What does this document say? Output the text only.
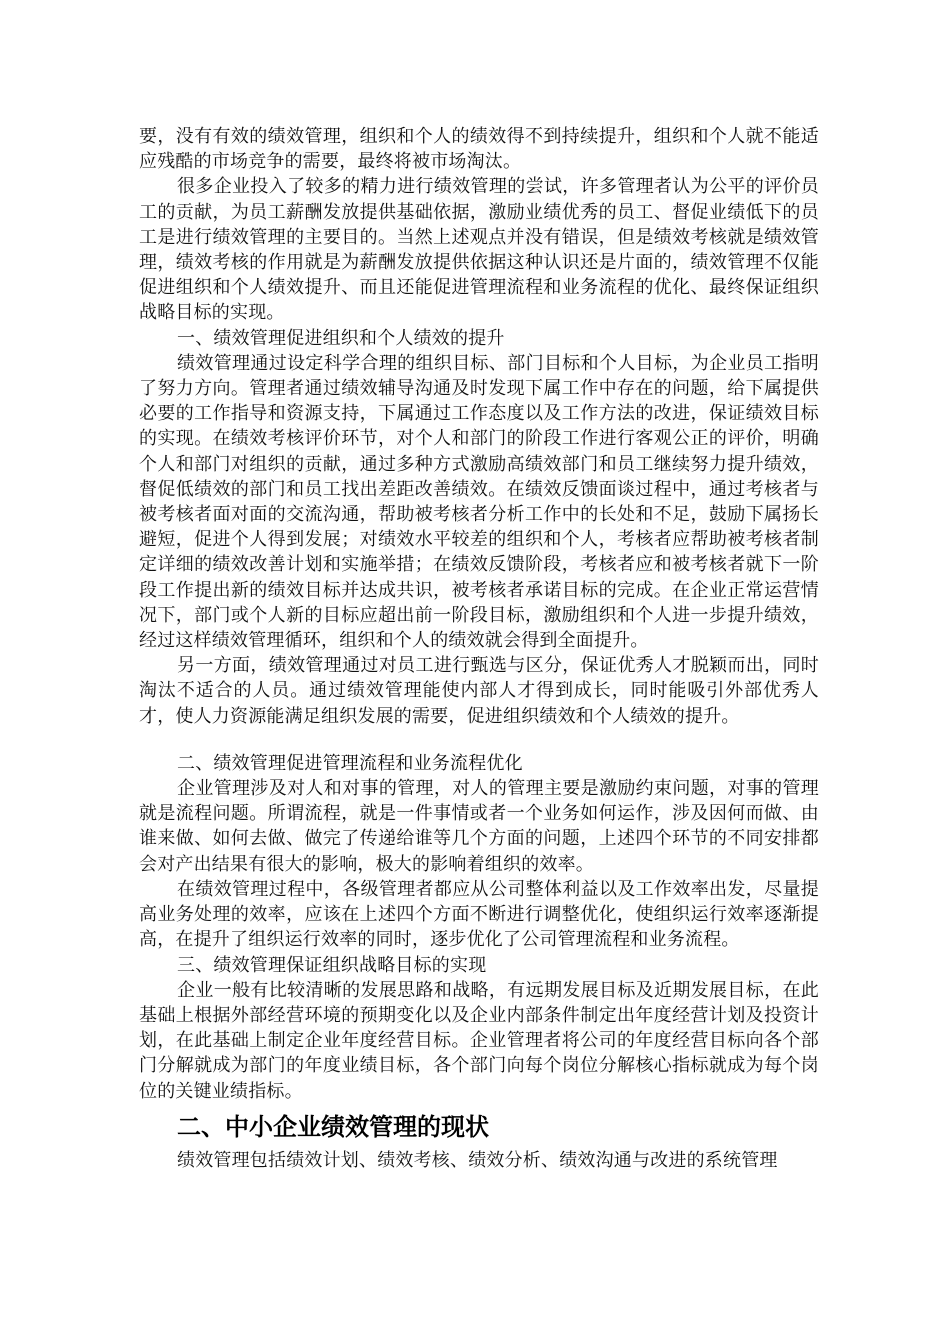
要，没有有效的绩效管理，组织和个人的绩效得不到持续提升，组织和个人就不能适应残酷的市场竞争的需要，最终将被市场淘汰。

很多企业投入了较多的精力进行绩效管理的尝试，许多管理者认为公平的评价员工的贡献，为员工薪酬发放提供基础依据，激励业绩优秀的员工、督促业绩低下的员工是进行绩效管理的主要目的。当然上述观点并没有错误，但是绩效考核就是绩效管理，绩效考核的作用就是为薪酬发放提供依据这种认识还是片面的，绩效管理不仅能促进组织和个人绩效提升、而且还能促进管理流程和业务流程的优化、最终保证组织战略目标的实现。

一、绩效管理促进组织和个人绩效的提升

绩效管理通过设定科学合理的组织目标、部门目标和个人目标，为企业员工指明了努力方向。管理者通过绩效辅导沟通及时发现下属工作中存在的问题，给下属提供必要的工作指导和资源支持，下属通过工作态度以及工作方法的改进，保证绩效目标的实现。在绩效考核评价环节，对个人和部门的阶段工作进行客观公正的评价，明确个人和部门对组织的贡献，通过多种方式激励高绩效部门和员工继续努力提升绩效，督促低绩效的部门和员工找出差距改善绩效。在绩效反馈面谈过程中，通过考核者与被考核者面对面的交流沟通，帮助被考核者分析工作中的长处和不足，鼓励下属扬长避短，促进个人得到发展；对绩效水平较差的组织和个人，考核者应帮助被考核者制定详细的绩效改善计划和实施举措；在绩效反馈阶段，考核者应和被考核者就下一阶段工作提出新的绩效目标并达成共识，被考核者承诺目标的完成。在企业正常运营情况下，部门或个人新的目标应超出前一阶段目标，激励组织和个人进一步提升绩效，经过这样绩效管理循环，组织和个人的绩效就会得到全面提升。

另一方面，绩效管理通过对员工进行甄选与区分，保证优秀人才脱颖而出，同时淘汰不适合的人员。通过绩效管理能使内部人才得到成长，同时能吸引外部优秀人才，使人力资源能满足组织发展的需要，促进组织绩效和个人绩效的提升。

二、绩效管理促进管理流程和业务流程优化

企业管理涉及对人和对事的管理，对人的管理主要是激励约束问题，对事的管理就是流程问题。所谓流程，就是一件事情或者一个业务如何运作，涉及因何而做、由谁来做、如何去做、做完了传递给谁等几个方面的问题，上述四个环节的不同安排都会对产出结果有很大的影响，极大的影响着组织的效率。

在绩效管理过程中，各级管理者都应从公司整体利益以及工作效率出发，尽量提高业务处理的效率，应该在上述四个方面不断进行调整优化，使组织运行效率逐渐提高，在提升了组织运行效率的同时，逐步优化了公司管理流程和业务流程。

三、绩效管理保证组织战略目标的实现

企业一般有比较清晰的发展思路和战略，有远期发展目标及近期发展目标，在此基础上根据外部经营环境的预期变化以及企业内部条件制定出年度经营计划及投资计划，在此基础上制定企业年度经营目标。企业管理者将公司的年度经营目标向各个部门分解就成为部门的年度业绩目标，各个部门向每个岗位分解核心指标就成为每个岗位的关键业绩指标。

二、中小企业绩效管理的现状

绩效管理包括绩效计划、绩效考核、绩效分析、绩效沟通与改进的系统管理
